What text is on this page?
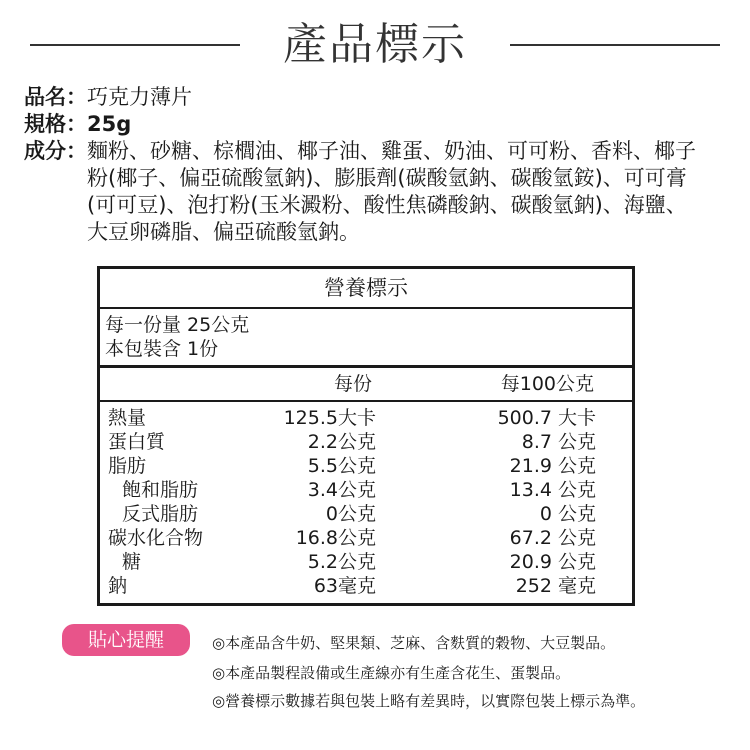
產品標示
品名： 巧克力薄片
規格： 25g
成分： 麵粉、砂糖、棕櫚油、椰子油、雞蛋、奶油、可可粉、香料、椰子粉(椰子、偏亞硫酸氫鈉)、膨脹劑(碳酸氫鈉、碳酸氫銨)、可可膏(可可豆)、泡打粉(玉米澱粉、酸性焦磷酸鈉、碳酸氫鈉)、海鹽、大豆卵磷脂、偏亞硫酸氫鈉。
營養標示
每一份量 25公克
本包裝含 1份
每份	每100公克
熱量	125.5大卡	500.7 大卡
蛋白質	2.2公克	8.7 公克
脂肪	5.5公克	21.9 公克
飽和脂肪	3.4公克	13.4 公克
反式脂肪	0公克	0 公克
碳水化合物	16.8公克	67.2 公克
糖	5.2公克	20.9 公克
鈉	63毫克	252 毫克
貼心提醒	◎本產品含牛奶、堅果類、芝麻、含麩質的穀物、大豆製品。
◎本產品製程設備或生產線亦有生產含花生、蛋製品。
◎營養標示數據若與包裝上略有差異時，以實際包裝上標示為準。
